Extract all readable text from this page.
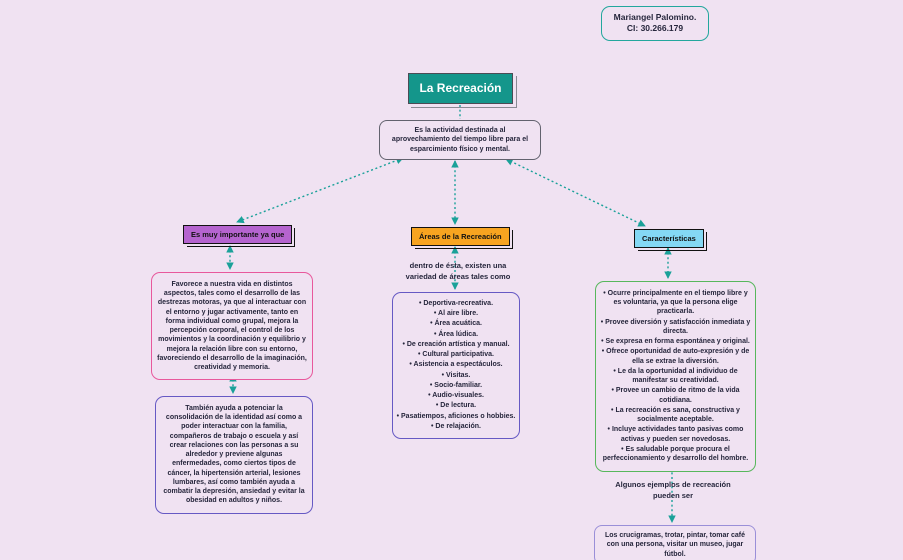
Mariangel Palomino.
CI: 30.266.179
La Recreación
Es la actividad destinada al aprovechamiento del tiempo libre para el esparcimiento físico y mental.
Es muy importante ya que	Áreas de la Recreación	Características
Favorece a nuestra vida en distintos aspectos, tales como el desarrollo de las destrezas motoras, ya que al interactuar con el entorno y jugar activamente, tanto en forma individual como grupal, mejora la percepción corporal, el control de los movimientos y la coordinación y equilibrio y mejora la relación libre con su entorno, favoreciendo el desarrollo de la imaginación, creatividad y memoria.
También ayuda a potenciar la consolidación de la identidad así como a poder interactuar con la familia, compañeros de trabajo o escuela y así crear relaciones con las personas a su alrededor y previene algunas enfermedades, como ciertos tipos de cáncer, la hipertensión arterial, lesiones lumbares, así como también ayuda a combatir la depresión, ansiedad y evitar la obesidad en adultos y niños.
dentro de ésta, existen una variedad de áreas tales como
• Deportiva-recreativa.
• Al aire libre.
• Área acuática.
• Área lúdica.
• De creación artística y manual.
• Cultural participativa.
• Asistencia a espectáculos.
• Visitas.
• Socio-familiar.
• Audio-visuales.
• De lectura.
• Pasatiempos, aficiones o hobbies.
• De relajación.
• Ocurre principalmente en el tiempo libre y es voluntaria, ya que la persona elige practicarla.
• Provee diversión y satisfacción inmediata y directa.
• Se expresa en forma espontánea y original.
• Ofrece oportunidad de auto-expresión y de ella se extrae la diversión.
• Le da la oportunidad al individuo de manifestar su creatividad.
• Provee un cambio de ritmo de la vida cotidiana.
• La recreación es sana, constructiva y socialmente aceptable.
• Incluye actividades tanto pasivas como activas y pueden ser novedosas.
• Es saludable porque procura el perfeccionamiento y desarrollo del hombre.
Algunos ejemplos de recreación pueden ser
Los crucigramas, trotar, pintar, tomar café con una persona, visitar un museo, jugar fútbol.
